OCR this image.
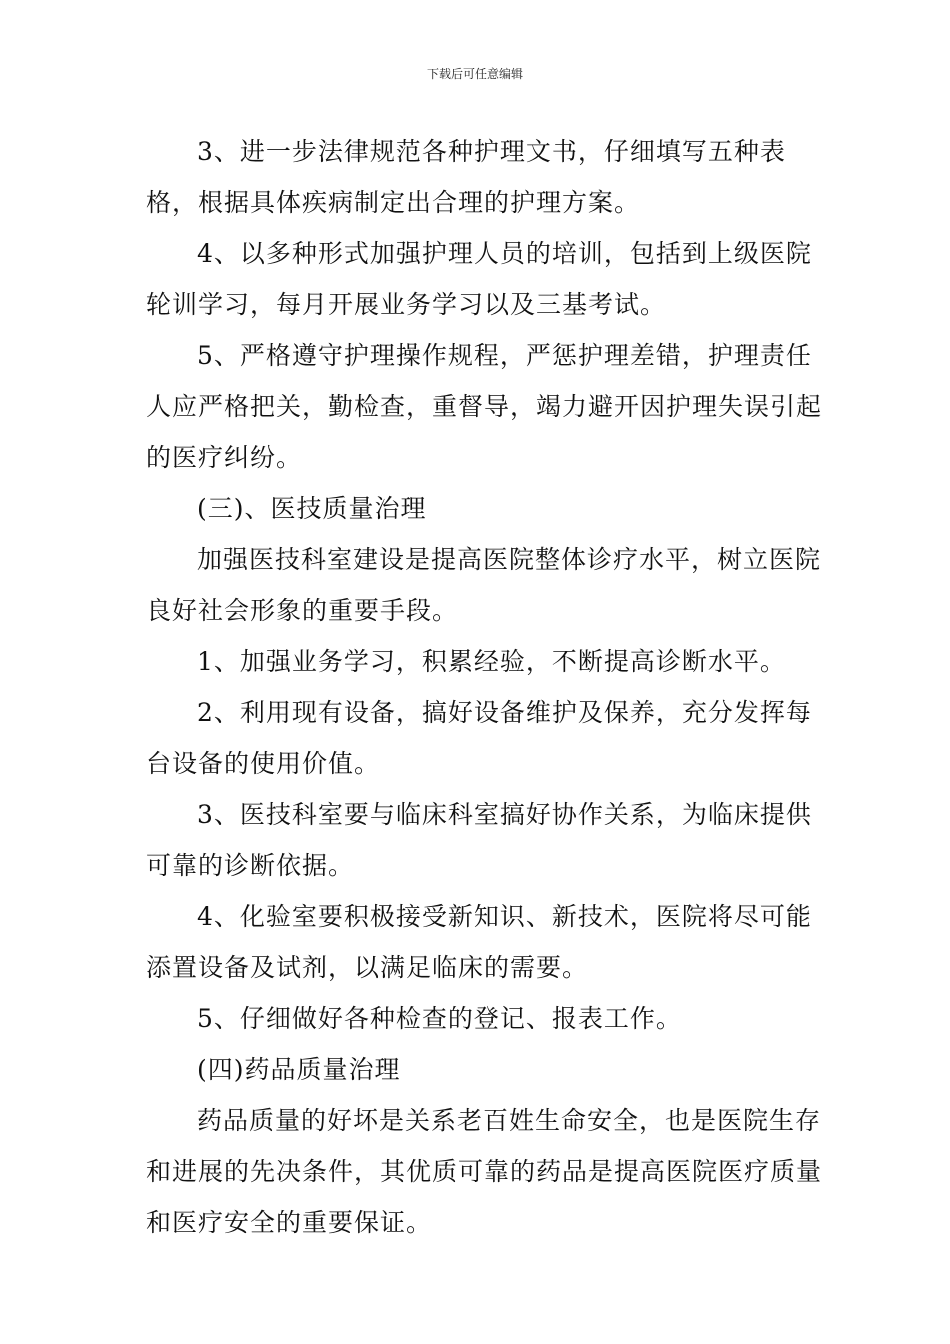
下载后可任意编辑

3、进一步法律规范各种护理文书，仔细填写五种表格，根据具体疾病制定出合理的护理方案。

4、以多种形式加强护理人员的培训，包括到上级医院轮训学习，每月开展业务学习以及三基考试。

5、严格遵守护理操作规程，严惩护理差错，护理责任人应严格把关，勤检查，重督导，竭力避开因护理失误引起的医疗纠纷。

(三)、医技质量治理

加强医技科室建设是提高医院整体诊疗水平，树立医院良好社会形象的重要手段。

1、加强业务学习，积累经验，不断提高诊断水平。

2、利用现有设备，搞好设备维护及保养，充分发挥每台设备的使用价值。

3、医技科室要与临床科室搞好协作关系，为临床提供可靠的诊断依据。

4、化验室要积极接受新知识、新技术，医院将尽可能添置设备及试剂，以满足临床的需要。

5、仔细做好各种检查的登记、报表工作。

(四)药品质量治理

药品质量的好坏是关系老百姓生命安全，也是医院生存和进展的先决条件，其优质可靠的药品是提高医院医疗质量和医疗安全的重要保证。
